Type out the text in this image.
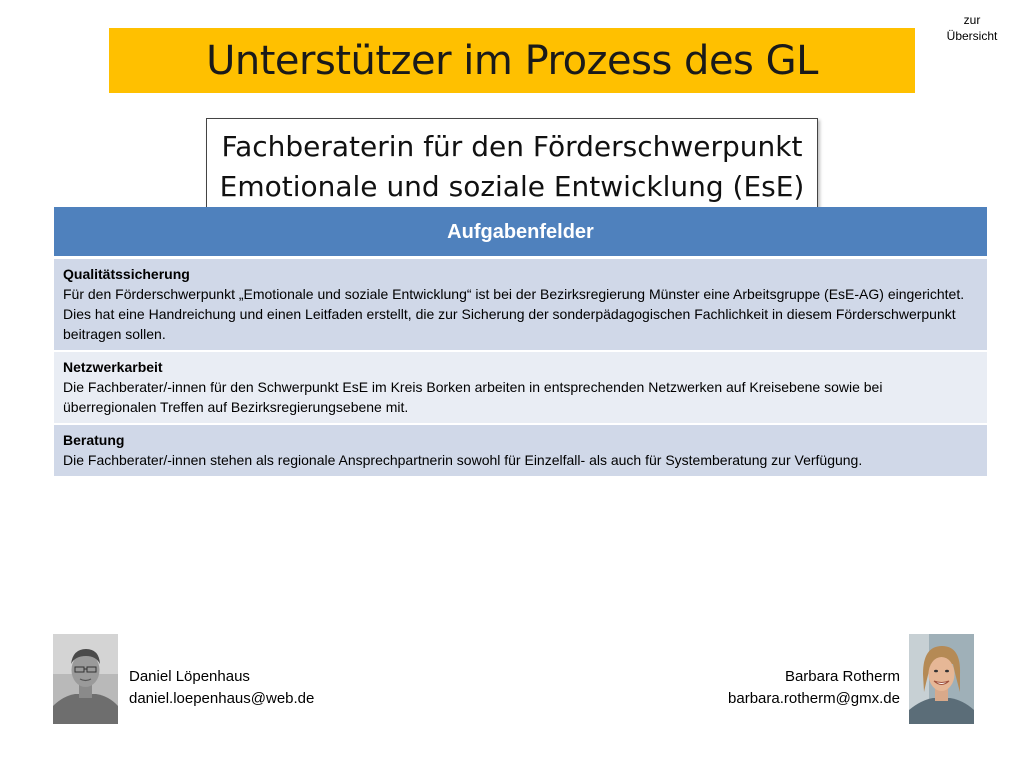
zur
Übersicht
Unterstützer im Prozess des GL
Fachberaterin für den Förderschwerpunkt
Emotionale und soziale Entwicklung (EsE)
Aufgabenfelder

Qualitätssicherung
Für den Förderschwerpunkt „Emotionale und soziale Entwicklung“ ist bei der Bezirksregierung Münster eine Arbeitsgruppe (EsE-AG) eingerichtet. Dies hat eine Handreichung und einen Leitfaden erstellt, die zur Sicherung der sonderpädagogischen Fachlichkeit in diesem Förderschwerpunkt beitragen sollen.

Netzwerkarbeit
Die Fachberater/-innen für den Schwerpunkt EsE im Kreis Borken arbeiten in entsprechenden Netzwerken auf Kreisebene sowie bei überregionalen Treffen auf Bezirksregierungsebene mit.

Beratung
Die Fachberater/-innen stehen als regionale Ansprechpartnerin sowohl für Einzelfall- als auch für Systemberatung zur Verfügung.
Daniel Löpenhaus
daniel.loepenhaus@web.de
Barbara Rotherm
barbara.rotherm@gmx.de
